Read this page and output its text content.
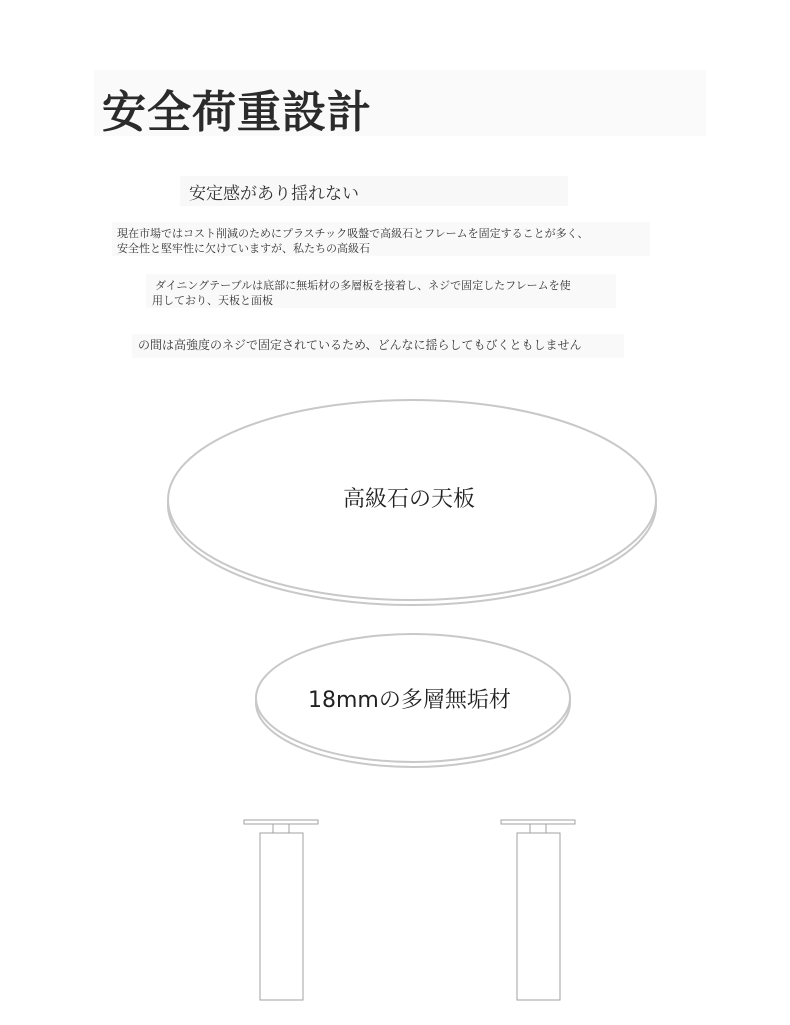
安全荷重設計
安定感があり揺れない
現在市場ではコスト削減のためにプラスチック吸盤で高級石とフレームを固定することが多く、
安全性と堅牢性に欠けていますが、私たちの高級石
ダイニングテーブルは底部に無垢材の多層板を接着し、ネジで固定したフレームを使
用しており、天板と面板
の間は高強度のネジで固定されているため、どんなに揺らしてもびくともしません
高級石の天板
18mmの多層無垢材
